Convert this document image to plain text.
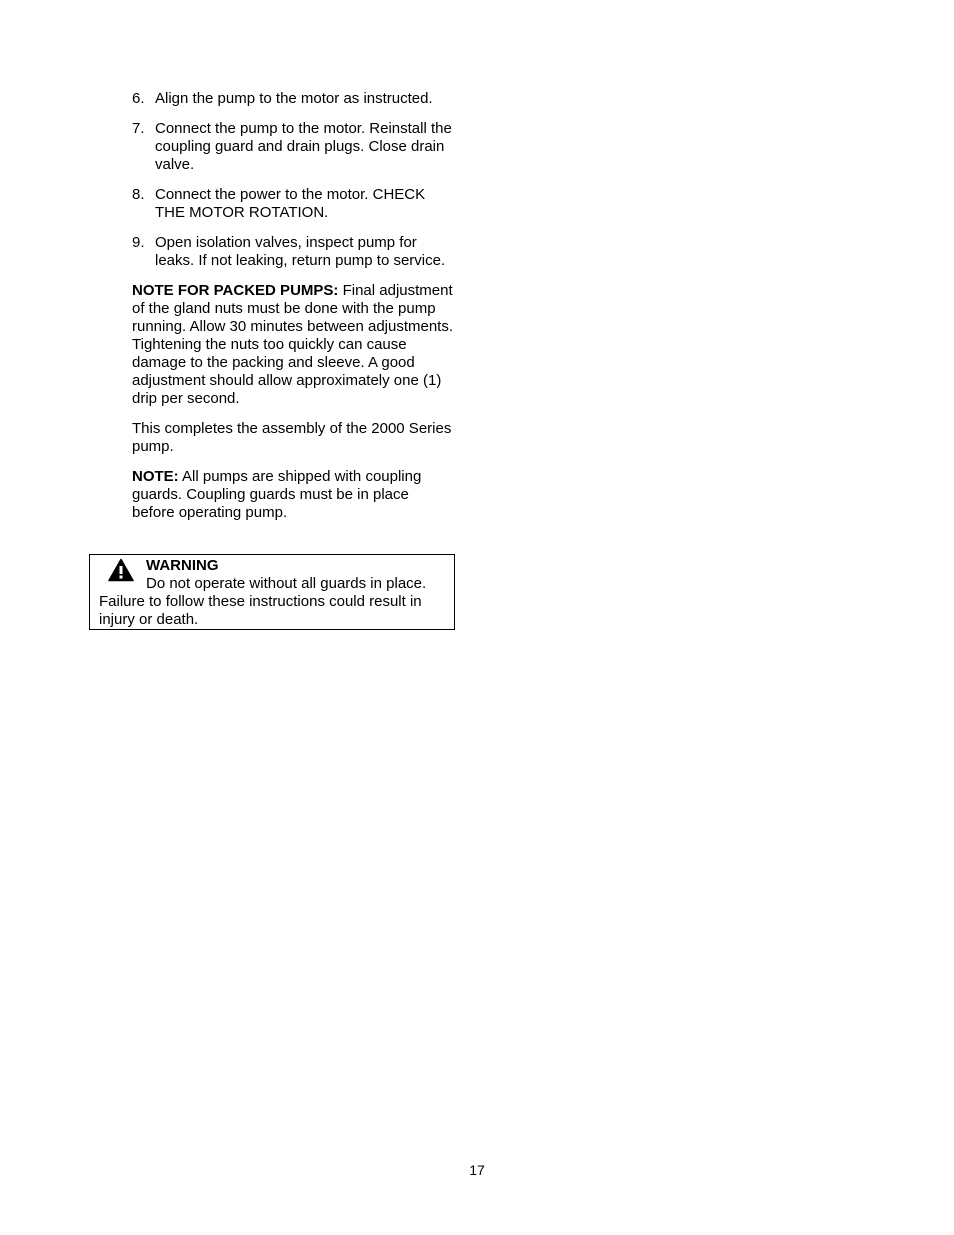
6. Align the pump to the motor as instructed.
7. Connect the pump to the motor. Reinstall the coupling guard and drain plugs. Close drain valve.
8. Connect the power to the motor. CHECK THE MOTOR ROTATION.
9. Open isolation valves, inspect pump for leaks. If not leaking, return pump to service.

NOTE FOR PACKED PUMPS: Final adjustment of the gland nuts must be done with the pump running. Allow 30 minutes between adjustments. Tightening the nuts too quickly can cause damage to the packing and sleeve. A good adjustment should allow approximately one (1) drip per second.

This completes the assembly of the 2000 Series pump.

NOTE: All pumps are shipped with coupling guards. Coupling guards must be in place before operating pump.

WARNING
Do not operate without all guards in place.
Failure to follow these instructions could result in injury or death.
17
